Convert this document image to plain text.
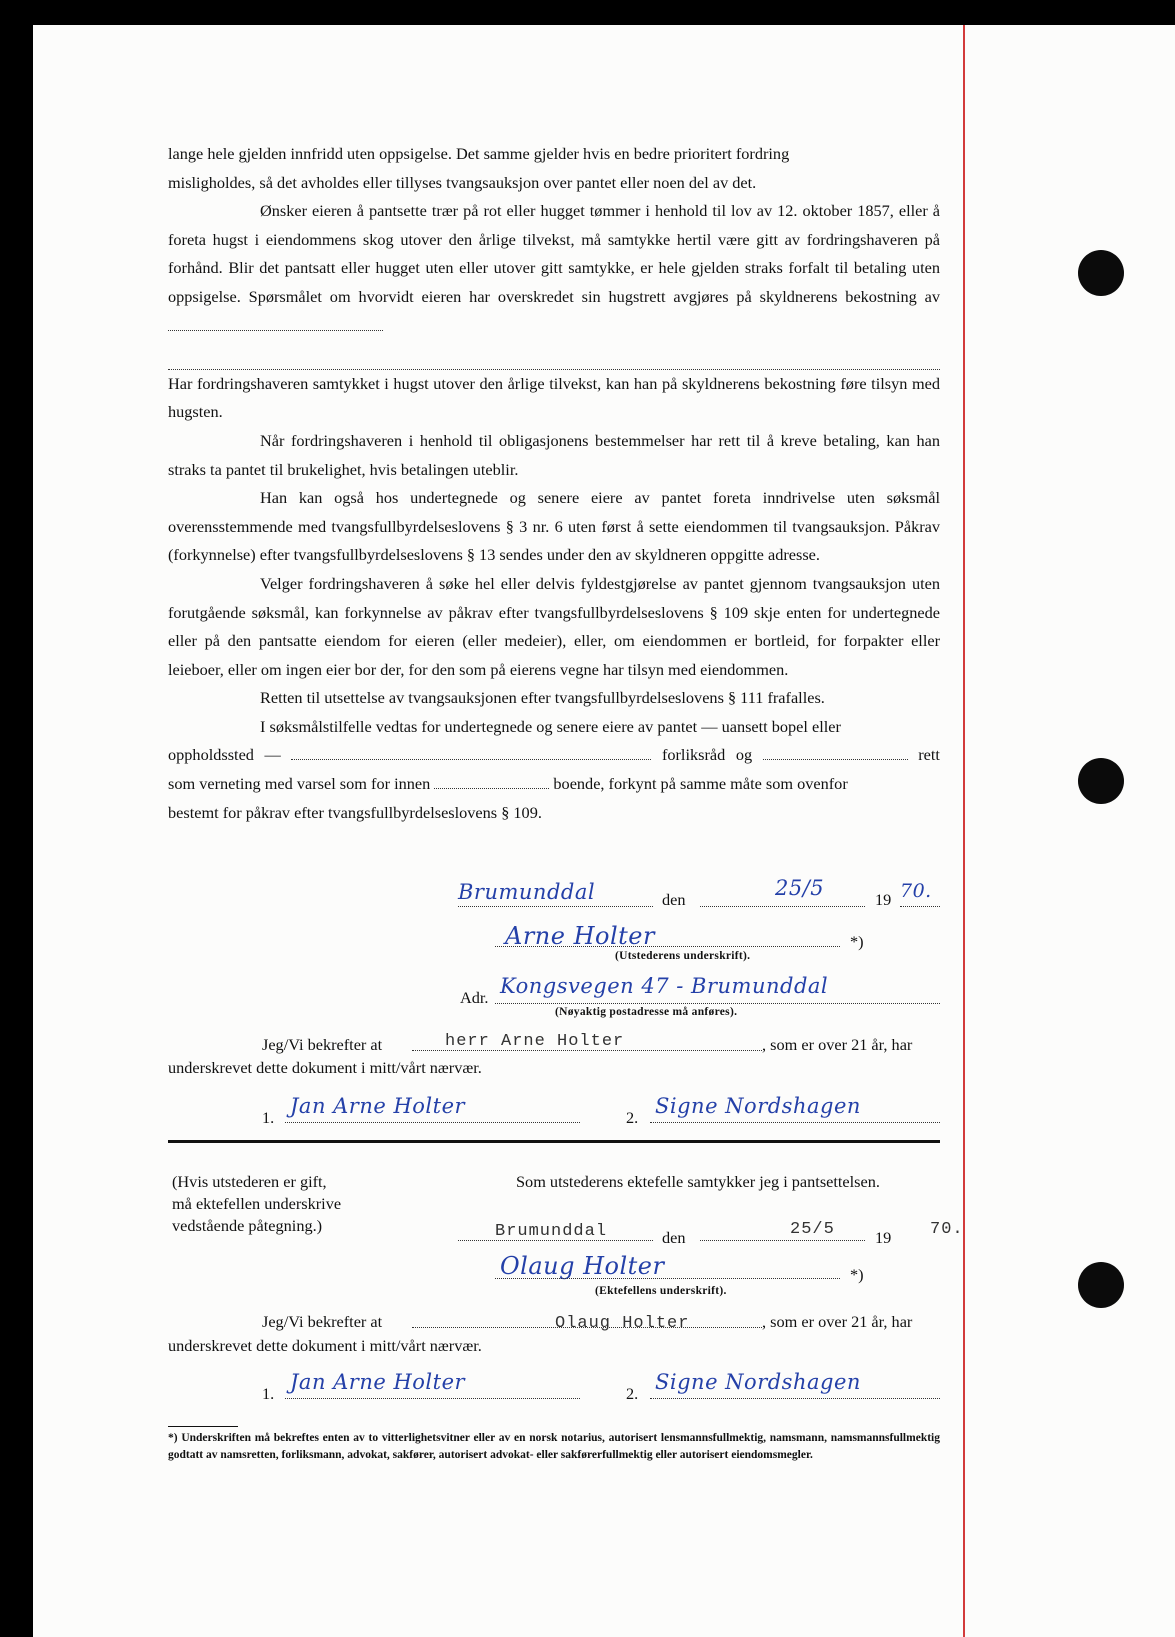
lange hele gjelden innfridd uten oppsigelse. Det samme gjelder hvis en bedre prioritert fordring

misligholdes, så det avholdes eller tillyses tvangsauksjon over pantet eller noen del av det.

Ønsker eieren å pantsette trær på rot eller hugget tømmer i henhold til lov av 12. oktober 1857, eller å foreta hugst i eiendommens skog utover den årlige tilvekst, må samtykke hertil være gitt av fordringshaveren på forhånd. Blir det pantsatt eller hugget uten eller utover gitt samtykke, er hele gjelden straks forfalt til betaling uten oppsigelse. Spørsmålet om hvorvidt eieren har overskredet sin hugstrett avgjøres på skyldnerens bekostning av

Har fordringshaveren samtykket i hugst utover den årlige tilvekst, kan han på skyldnerens bekostning føre tilsyn med hugsten.

Når fordringshaveren i henhold til obligasjonens bestemmelser har rett til å kreve betaling, kan han straks ta pantet til brukelighet, hvis betalingen uteblir.

Han kan også hos undertegnede og senere eiere av pantet foreta inndrivelse uten søksmål overensstemmende med tvangsfullbyrdelseslovens § 3 nr. 6 uten først å sette eiendommen til tvangsauksjon. Påkrav (forkynnelse) efter tvangsfullbyrdelseslovens § 13 sendes under den av skyldneren oppgitte adresse.

Velger fordringshaveren å søke hel eller delvis fyldestgjørelse av pantet gjennom tvangsauksjon uten forutgående søksmål, kan forkynnelse av påkrav efter tvangsfullbyrdelseslovens § 109 skje enten for undertegnede eller på den pantsatte eiendom for eieren (eller medeier), eller, om eiendommen er bortleid, for forpakter eller leieboer, eller om ingen eier bor der, for den som på eierens vegne har tilsyn med eiendommen.

Retten til utsettelse av tvangsauksjonen efter tvangsfullbyrdelseslovens § 111 frafalles.

I søksmålstilfelle vedtas for undertegnede og senere eiere av pantet — uansett bopel eller

oppholdssted —	forliksråd og	rett

som verneting med varsel som for innen	boende, forkynt på samme måte som ovenfor

bestemt for påkrav efter tvangsfullbyrdelseslovens § 109.

Brumunddal	den	25/5	19 70.
Arne Holter	*)
(Utstederens underskrift).
Adr. Kongsvegen 47 - Brumunddal
(Nøyaktig postadresse må anføres).
Jeg/Vi bekrefter at	herr Arne Holter	, som er over 21 år, har
underskrevet dette dokument i mitt/vårt nærvær.
1. Jan Arne Holter	2. Signe Nordshagen
(Hvis utstederen er gift,
må ektefellen underskrive
vedstående påtegning.)
Som utstederens ektefelle samtykker jeg i pantsettelsen.
Brumunddal	den	25/5 19 70.
Olaug Holter	*)
(Ektefellens underskrift).
Jeg/Vi bekrefter at	Olaug Holter	, som er over 21 år, har
underskrevet dette dokument i mitt/vårt nærvær.
1. Jan Arne Holter	2. Signe Nordshagen
*) Underskriften må bekreftes enten av to vitterlighetsvitner eller av en norsk notarius, autorisert lensmannsfullmektig, namsmann, namsmannsfullmektig godtatt av namsretten, forliksmann, advokat, sakfører, autorisert advokat- eller sakførerfullmektig eller autorisert eiendomsmegler.
